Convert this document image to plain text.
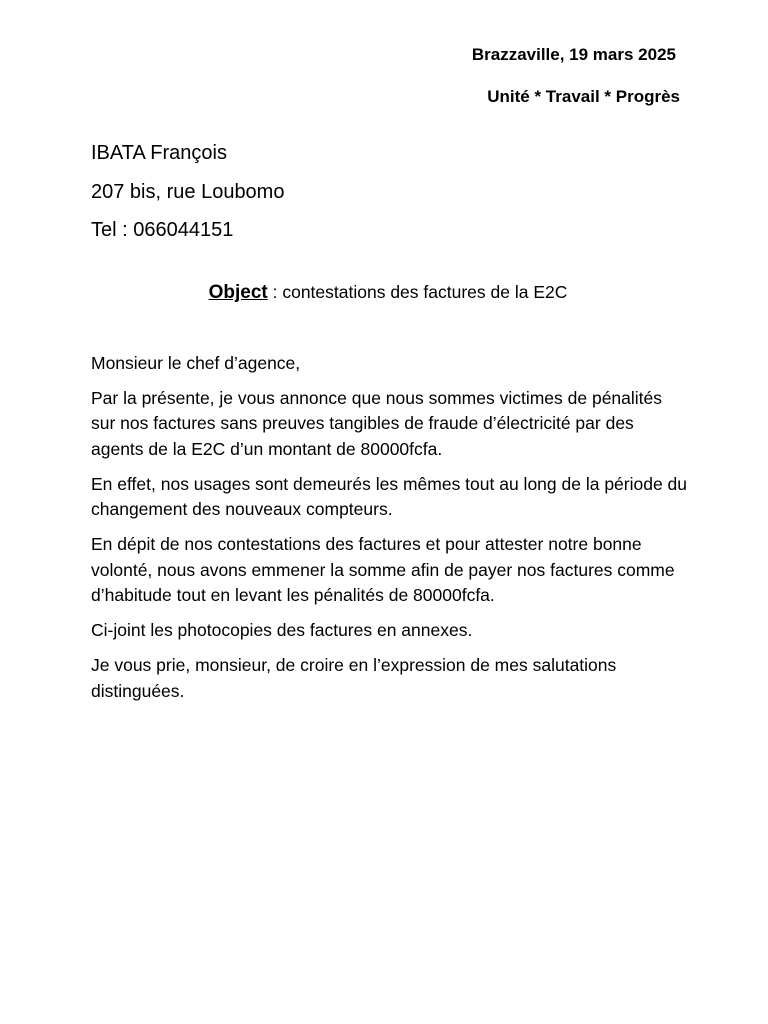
Brazzaville, 19 mars 2025
Unité * Travail * Progrès
IBATA François
207 bis, rue Loubomo
Tel : 066044151
Object : contestations des factures de la E2C

Monsieur le chef d’agence,

Par la présente, je vous annonce que nous sommes victimes de pénalités sur nos factures sans preuves tangibles de fraude d’électricité par des agents de la E2C d’un montant de 80000fcfa.

En effet, nos usages sont demeurés les mêmes tout au long de la période du changement des nouveaux compteurs.

En dépit de nos contestations des factures et pour attester notre bonne volonté, nous avons emmener la somme afin de payer nos factures comme d’habitude tout en levant les pénalités de 80000fcfa.

Ci-joint les photocopies des factures en annexes.

Je vous prie, monsieur, de croire en l’expression de mes salutations distinguées.
